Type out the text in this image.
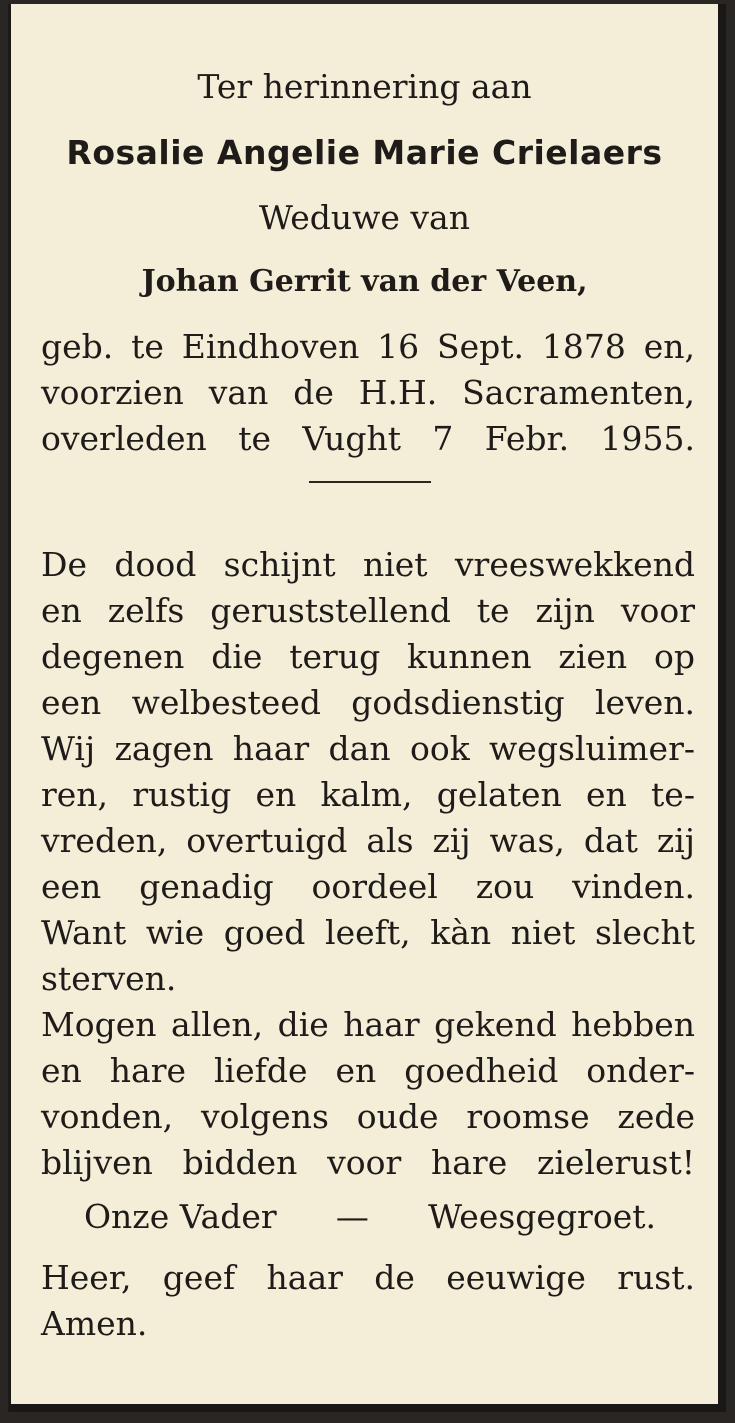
Ter herinnering aan
Rosalie Angelie Marie Crielaers
Weduwe van
Johan Gerrit van der Veen,
geb. te Eindhoven 16 Sept. 1878 en,
voorzien van de H.H. Sacramenten,
overleden te Vught 7 Febr. 1955.
De dood schijnt niet vreeswekkend
en zelfs geruststellend te zijn voor
degenen die terug kunnen zien op
een welbesteed godsdienstig leven.
Wij zagen haar dan ook wegsluimer-
ren, rustig en kalm, gelaten en te-
vreden, overtuigd als zij was, dat zij
een genadig oordeel zou vinden.
Want wie goed leeft, kàn niet slecht
sterven.
Mogen allen, die haar gekend hebben
en hare liefde en goedheid onder-
vonden, volgens oude roomse zede
blijven bidden voor hare zielerust!
Onze Vader — Weesgegroet.
Heer, geef haar de eeuwige rust.
Amen.
